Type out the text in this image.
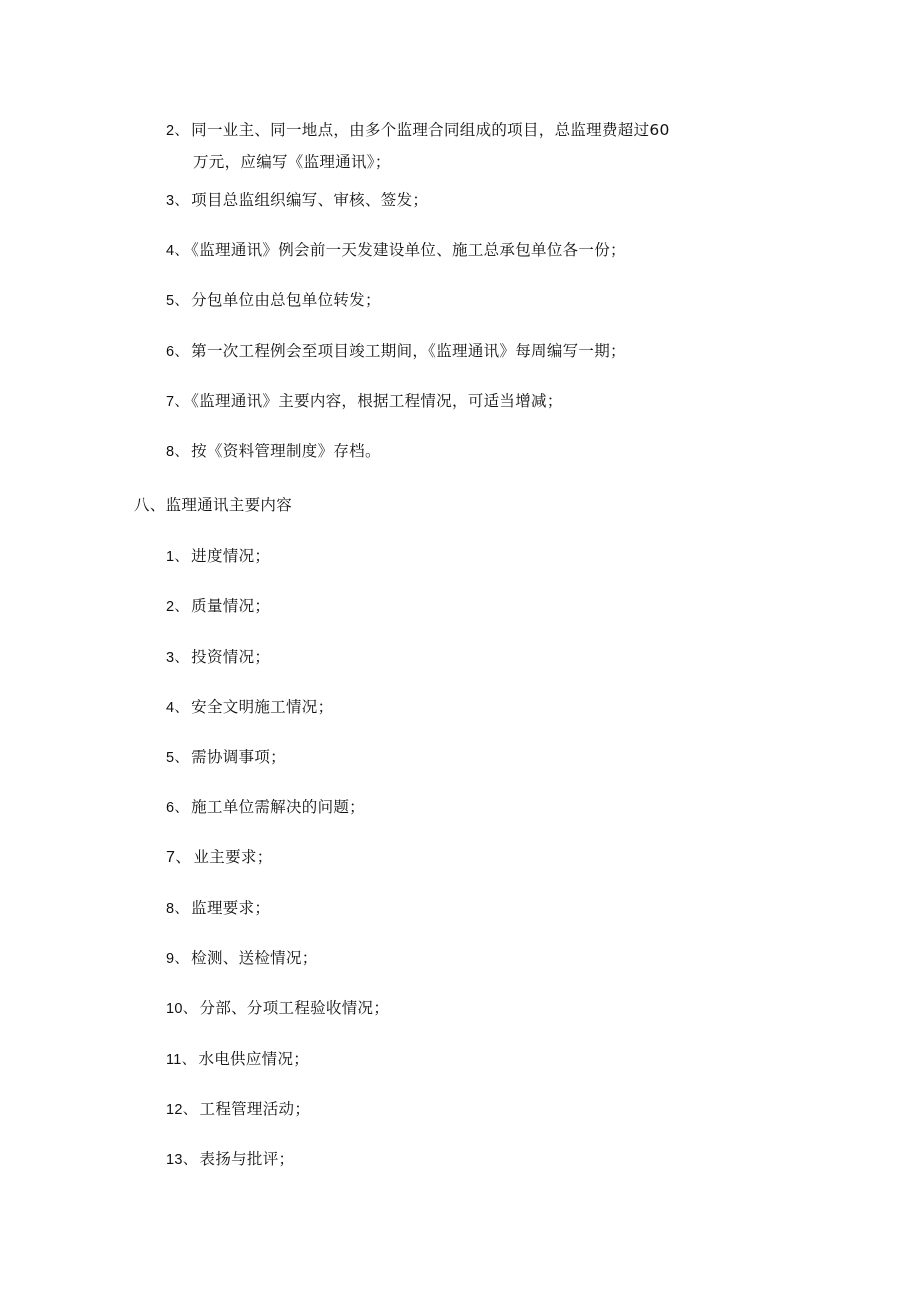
2、 同一业主、同一地点，由多个监理合同组成的项目，总监理费超过60
万元，应编写《监理通讯》；
3、 项目总监组织编写、审核、签发；
4、 《监理通讯》例会前一天发建设单位、施工总承包单位各一份；
5、 分包单位由总包单位转发；
6、 第一次工程例会至项目竣工期间，《监理通讯》每周编写一期；
7、 《监理通讯》主要内容，根据工程情况，可适当增减；
8、 按《资料管理制度》存档。
八、监理通讯主要内容
1、 进度情况；
2、 质量情况；
3、 投资情况；
4、 安全文明施工情况；
5、 需协调事项；
6、 施工单位需解决的问题；
7、 业主要求；
8、 监理要求；
9、 检测、送检情况；
10、 分部、分项工程验收情况；
11、 水电供应情况；
12、 工程管理活动；
13、 表扬与批评；
